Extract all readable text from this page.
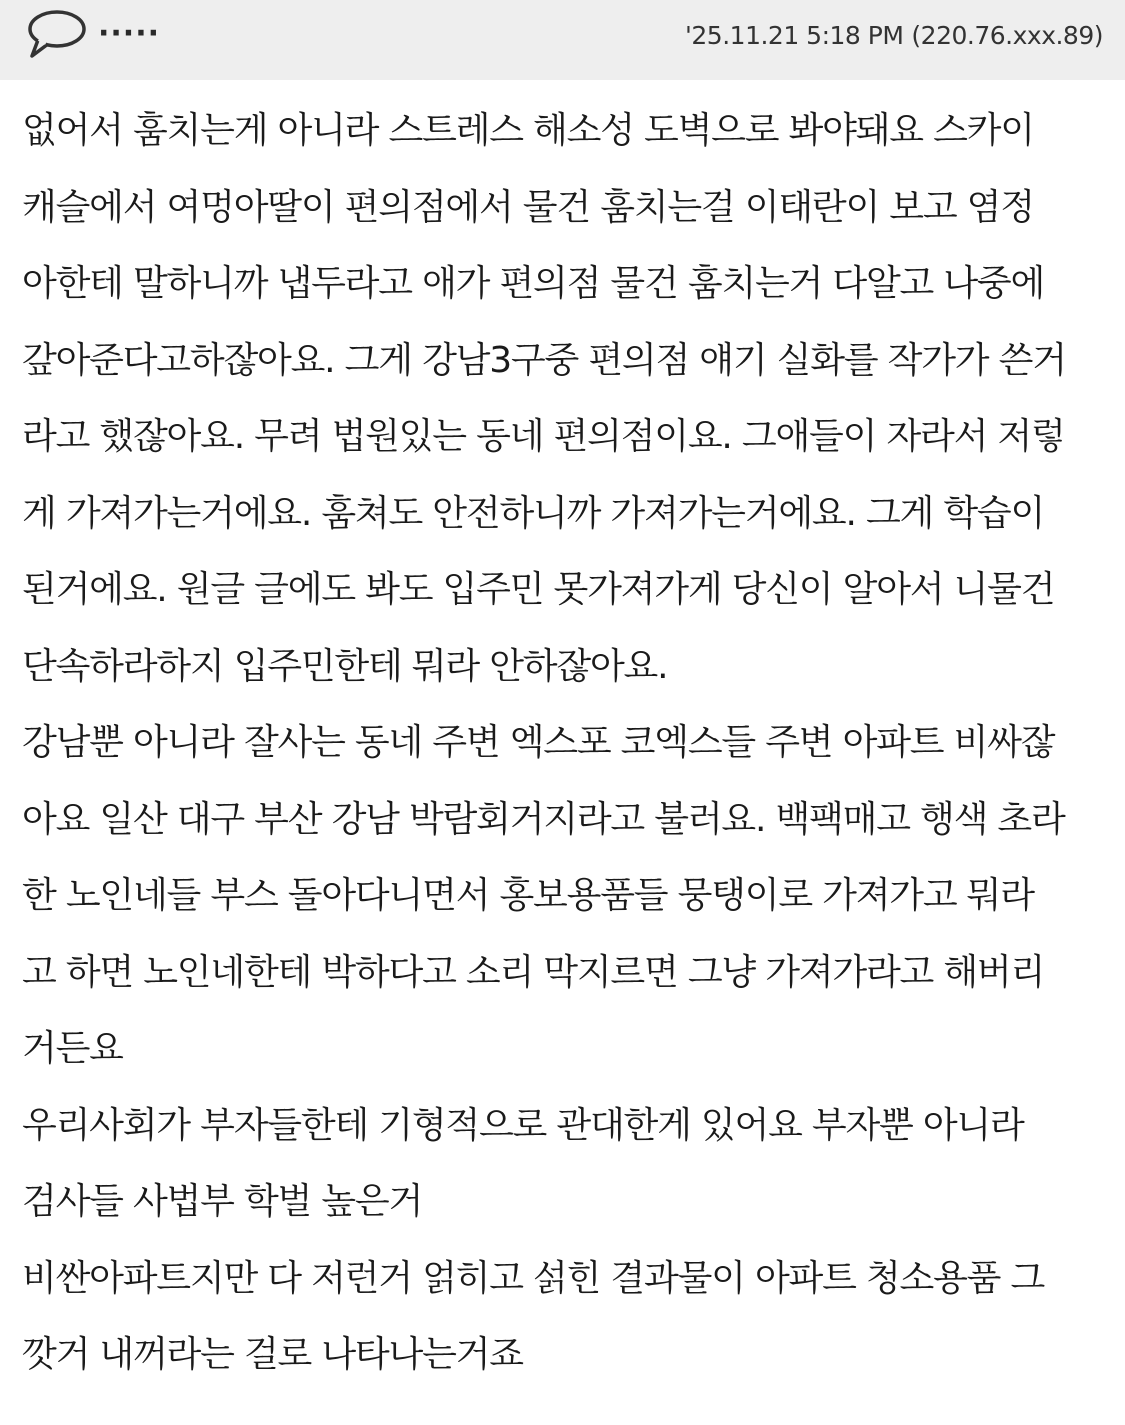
·····	'25.11.21 5:18 PM (220.76.xxx.89)
없어서 훔치는게 아니라 스트레스 해소성 도벽으로 봐야돼요 스카이
캐슬에서 여멍아딸이 편의점에서 물건 훔치는걸 이태란이 보고 염정
아한테 말하니까 냅두라고 애가 편의점 물건 훔치는거 다알고 나중에
갚아준다고하잖아요. 그게 강남3구중 편의점 얘기 실화를 작가가 쓴거
라고 했잖아요. 무려 법원있는 동네 편의점이요. 그애들이 자라서 저렇
게 가져가는거에요. 훔쳐도 안전하니까 가져가는거에요. 그게 학습이
된거에요. 원글 글에도 봐도 입주민 못가져가게 당신이 알아서 니물건
단속하라하지 입주민한테 뭐라 안하잖아요.
강남뿐 아니라 잘사는 동네 주변 엑스포 코엑스들 주변 아파트 비싸잖
아요 일산 대구 부산 강남 박람회거지라고 불러요. 백팩매고 행색 초라
한 노인네들 부스 돌아다니면서 홍보용품들 뭉탱이로 가져가고 뭐라
고 하면 노인네한테 박하다고 소리 막지르면 그냥 가져가라고 해버리
거든요
우리사회가 부자들한테 기형적으로 관대한게 있어요 부자뿐 아니라
검사들 사법부 학벌 높은거
비싼아파트지만 다 저런거 얽히고 섥힌 결과물이 아파트 청소용품 그
깟거 내꺼라는 걸로 나타나는거죠
